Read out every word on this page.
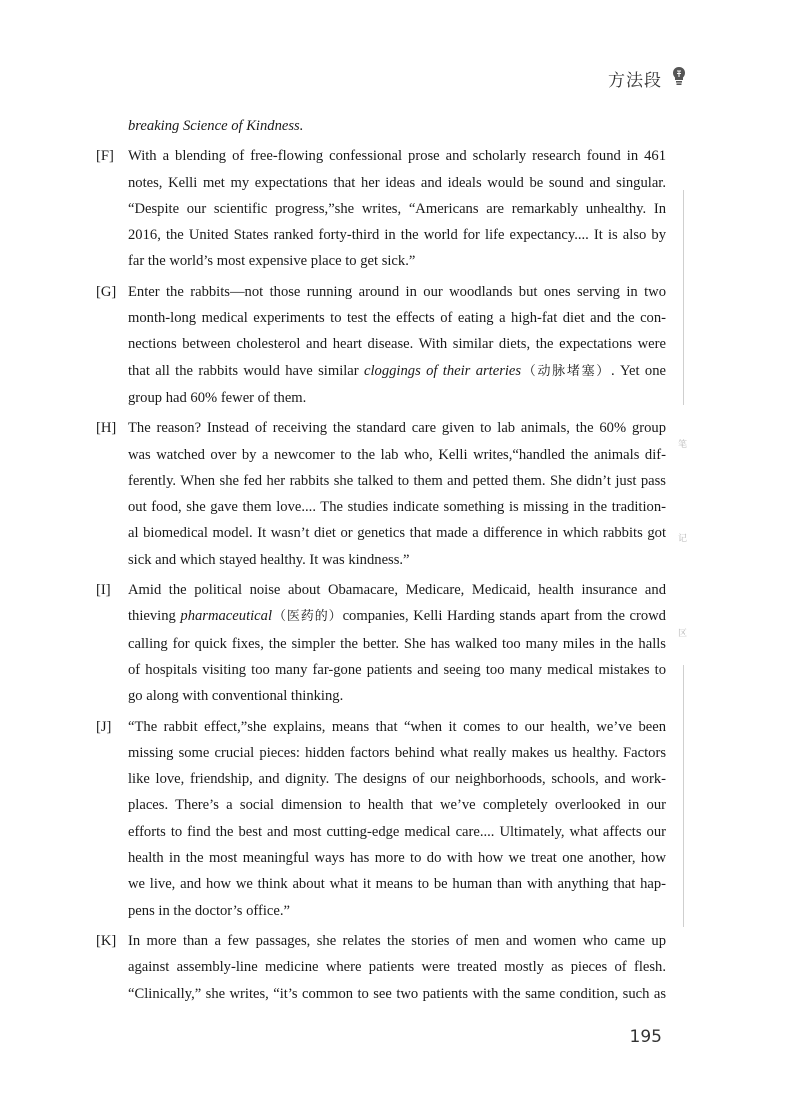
方法段
笔
记
区
breaking Science of Kindness.
[F] With a blending of free-flowing confessional prose and scholarly research found in 461
notes, Kelli met my expectations that her ideas and ideals would be sound and singular.
“Despite our scientific progress,”she writes, “Americans are remarkably unhealthy. In
2016, the United States ranked forty-third in the world for life expectancy.... It is also by
far the world’s most expensive place to get sick.”
[G] Enter the rabbits—not those running around in our woodlands but ones serving in two
month-long medical experiments to test the effects of eating a high-fat diet and the con-
nections between cholesterol and heart disease. With similar diets, the expectations were
that all the rabbits would have similar cloggings of their arteries（动脉堵塞）. Yet one
group had 60% fewer of them.
[H] The reason? Instead of receiving the standard care given to lab animals, the 60% group
was watched over by a newcomer to the lab who, Kelli writes,“handled the animals dif-
ferently. When she fed her rabbits she talked to them and petted them. She didn’t just pass
out food, she gave them love.... The studies indicate something is missing in the tradition-
al biomedical model. It wasn’t diet or genetics that made a difference in which rabbits got
sick and which stayed healthy. It was kindness.”
[I] Amid the political noise about Obamacare, Medicare, Medicaid, health insurance and
thieving pharmaceutical（医药的）companies, Kelli Harding stands apart from the crowd
calling for quick fixes, the simpler the better. She has walked too many miles in the halls
of hospitals visiting too many far-gone patients and seeing too many medical mistakes to
go along with conventional thinking.
[J] “The rabbit effect,”she explains, means that “when it comes to our health, we’ve been
missing some crucial pieces: hidden factors behind what really makes us healthy. Factors
like love, friendship, and dignity. The designs of our neighborhoods, schools, and work-
places. There’s a social dimension to health that we’ve completely overlooked in our
efforts to find the best and most cutting-edge medical care.... Ultimately, what affects our
health in the most meaningful ways has more to do with how we treat one another, how
we live, and how we think about what it means to be human than with anything that hap-
pens in the doctor’s office.”
[K] In more than a few passages, she relates the stories of men and women who came up
against assembly-line medicine where patients were treated mostly as pieces of flesh.
“Clinically,” she writes, “it’s common to see two patients with the same condition, such as
195
